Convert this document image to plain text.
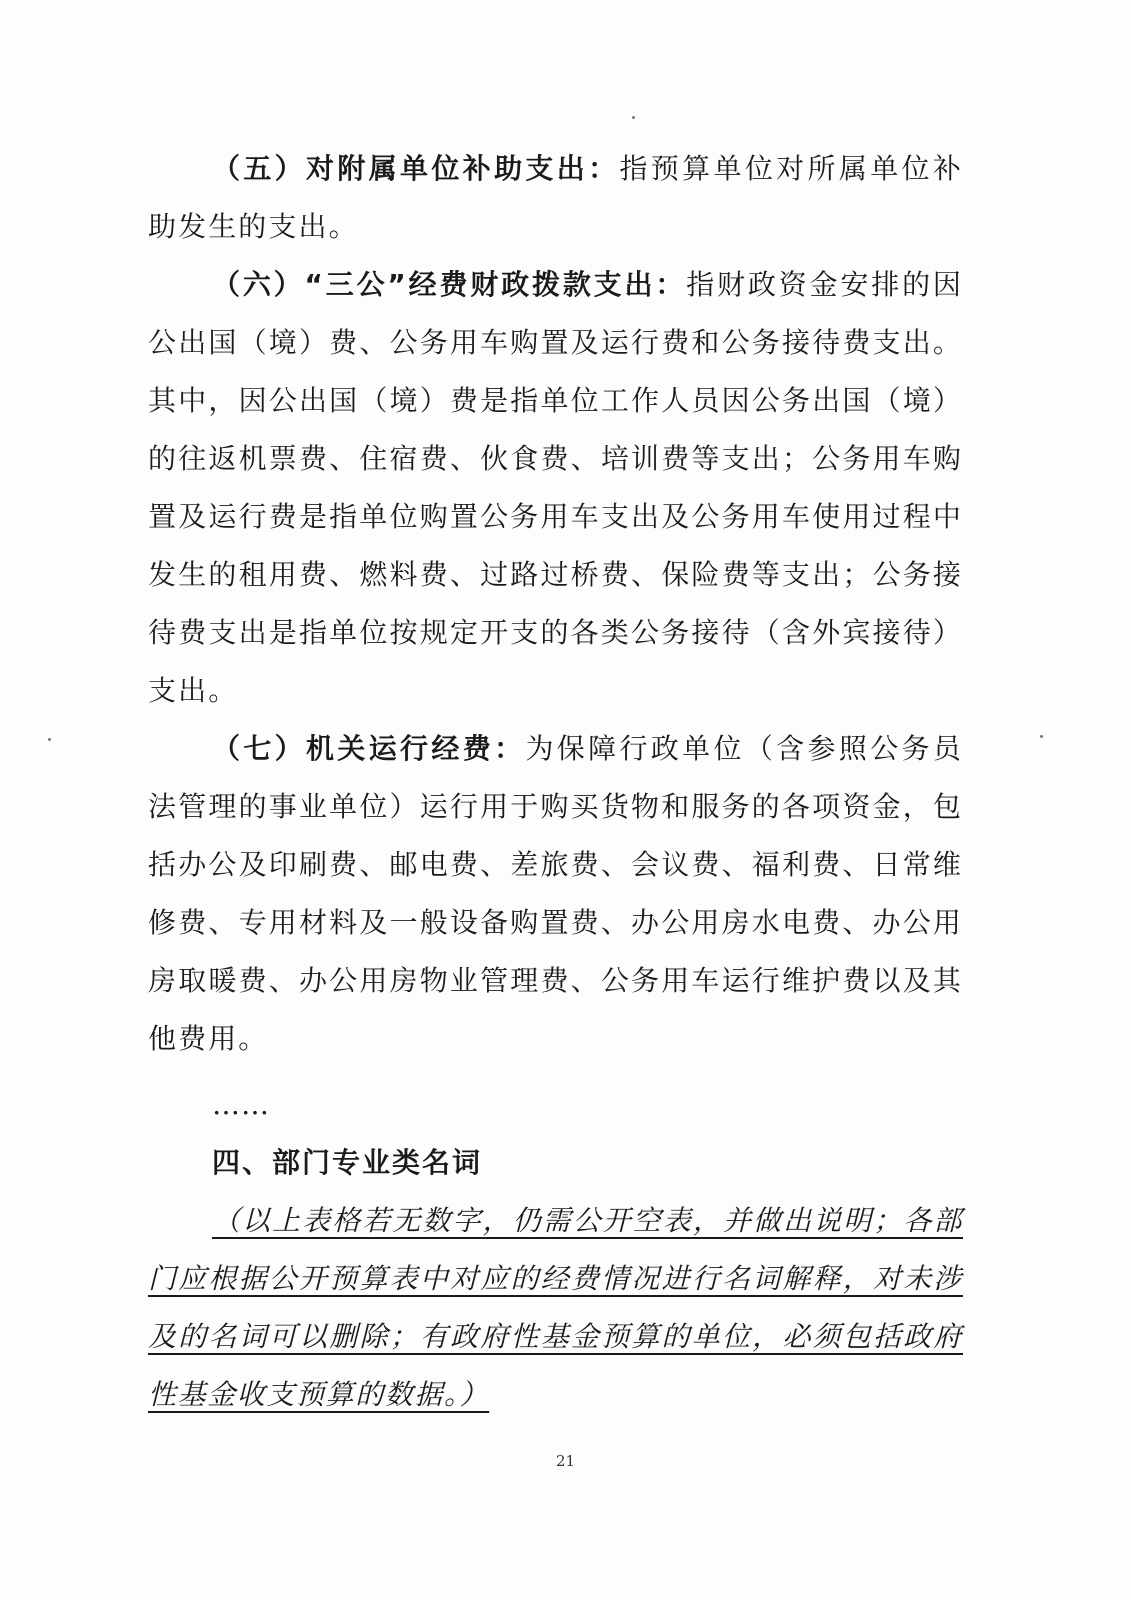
（五）对附属单位补助支出：指预算单位对所属单位补助发生的支出。

（六）“三公”经费财政拨款支出：指财政资金安排的因公出国（境）费、公务用车购置及运行费和公务接待费支出。其中，因公出国（境）费是指单位工作人员因公务出国（境）的往返机票费、住宿费、伙食费、培训费等支出；公务用车购置及运行费是指单位购置公务用车支出及公务用车使用过程中发生的租用费、燃料费、过路过桥费、保险费等支出；公务接待费支出是指单位按规定开支的各类公务接待（含外宾接待）支出。

（七）机关运行经费：为保障行政单位（含参照公务员法管理的事业单位）运行用于购买货物和服务的各项资金，包括办公及印刷费、邮电费、差旅费、会议费、福利费、日常维修费、专用材料及一般设备购置费、办公用房水电费、办公用房取暖费、办公用房物业管理费、公务用车运行维护费以及其他费用。

……

四、部门专业类名词

（以上表格若无数字，仍需公开空表，并做出说明；各部门应根据公开预算表中对应的经费情况进行名词解释，对未涉及的名词可以删除；有政府性基金预算的单位，必须包括政府性基金收支预算的数据。）

21
